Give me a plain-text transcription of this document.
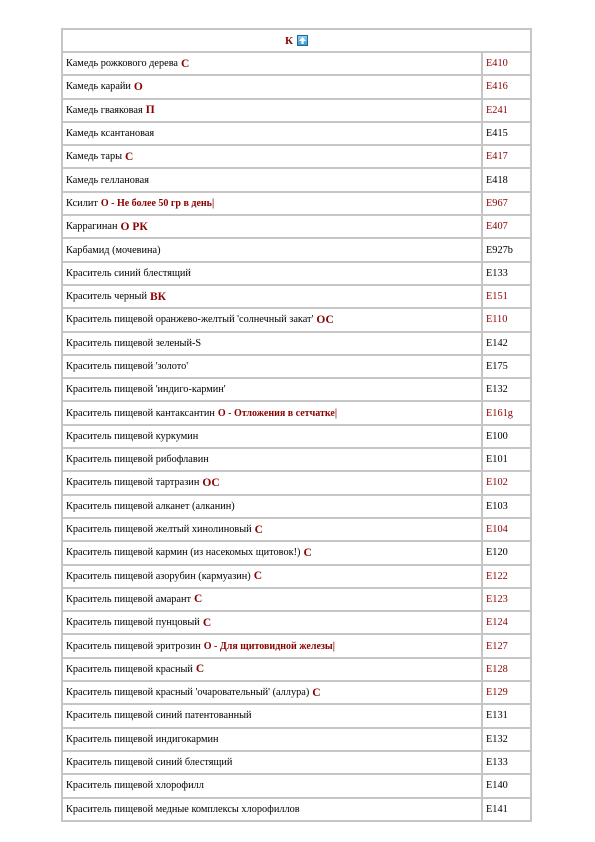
К
Камедь рожкового дерева С	E410
Камедь карайи О	E416
Камедь гваяковая П	E241
Камедь ксантановая	E415
Камедь тары С	E417
Камедь геллановая	E418
Ксилит О - Не более 50 гр в день|	E967
Каррагинан О РК	E407
Карбамид (мочевина)	E927b
Краситель синий блестящий	E133
Краситель черный ВК	E151
Краситель пищевой оранжево-желтый 'солнечный закат' ОС	E110
Краситель пищевой зеленый-S	E142
Краситель пищевой 'золото'	E175
Краситель пищевой 'индиго-кармин'	E132
Краситель пищевой кантаксантин О - Отложения в сетчатке|	E161g
Краситель пищевой куркумин	E100
Краситель пищевой рибофлавин	E101
Краситель пищевой тартразин ОС	E102
Краситель пищевой алканет (алканин)	E103
Краситель пищевой желтый хинолиновый С	E104
Краситель пищевой кармин (из насекомых щитовок!) С	E120
Краситель пищевой азорубин (кармуазин) С	E122
Краситель пищевой амарант С	E123
Краситель пищевой пунцовый С	E124
Краситель пищевой эритрозин О - Для щитовидной железы|	E127
Краситель пищевой красный С	E128
Краситель пищевой красный 'очаровательный' (аллура) С	E129
Краситель пищевой синий патентованный	E131
Краситель пищевой индигокармин	E132
Краситель пищевой синий блестящий	E133
Краситель пищевой хлорофилл	E140
Краситель пищевой медные комплексы хлорофиллов	E141
